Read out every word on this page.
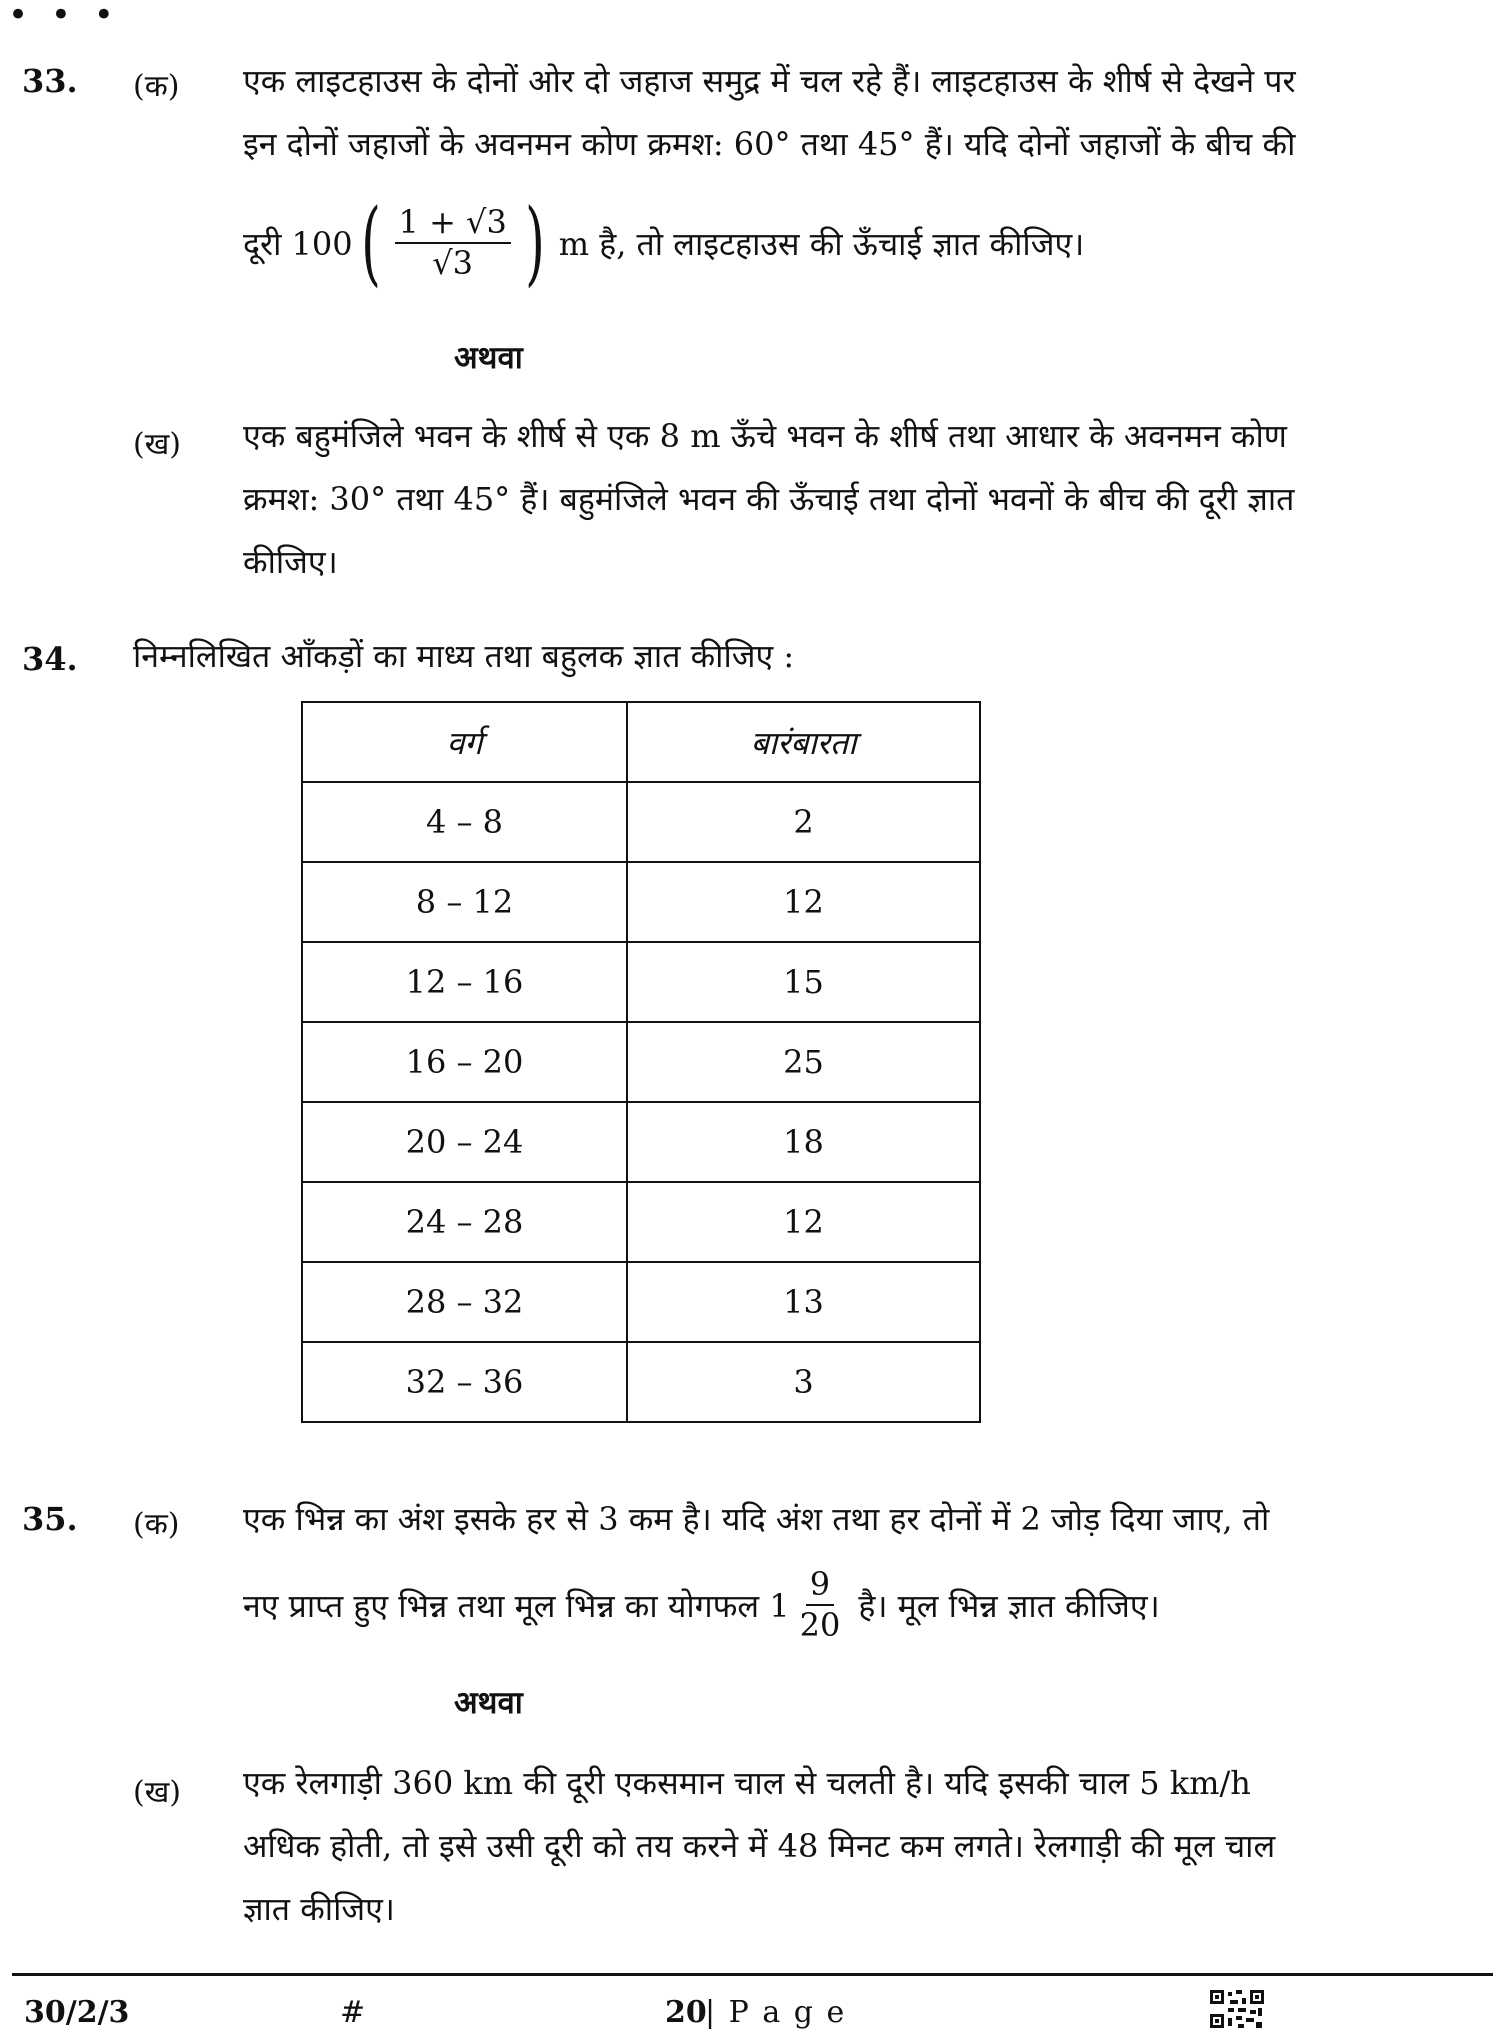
• • •
33. (क) एक लाइटहाउस के दोनों ओर दो जहाज समुद्र में चल रहे हैं। लाइटहाउस के शीर्ष से देखने पर
इन दोनों जहाजों के अवनमन कोण क्रमश: 60° तथा 45° हैं। यदि दोनों जहाजों के बीच की
दूरी 100 ( $\frac{1 + √3}{√3}$ ) m है, तो लाइटहाउस की ऊँचाई ज्ञात कीजिए।
अथवा
(ख) एक बहुमंजिले भवन के शीर्ष से एक 8 m ऊँचे भवन के शीर्ष तथा आधार के अवनमन कोण
क्रमश: 30° तथा 45° हैं। बहुमंजिले भवन की ऊँचाई तथा दोनों भवनों के बीच की दूरी ज्ञात
कीजिए।
34. निम्नलिखित आँकड़ों का माध्य तथा बहुलक ज्ञात कीजिए :
वर्ग	बारंबारता
4 – 8	2
8 – 12	12
12 – 16	15
16 – 20	25
20 – 24	18
24 – 28	12
28 – 32	13
32 – 36	3
35. (क) एक भिन्न का अंश इसके हर से 3 कम है। यदि अंश तथा हर दोनों में 2 जोड़ दिया जाए, तो
नए प्राप्त हुए भिन्न तथा मूल भिन्न का योगफल $1 \frac{9}{20}$ है। मूल भिन्न ज्ञात कीजिए।
अथवा
(ख) एक रेलगाड़ी 360 km की दूरी एकसमान चाल से चलती है। यदि इसकी चाल 5 km/h
अधिक होती, तो इसे उसी दूरी को तय करने में 48 मिनट कम लगते। रेलगाड़ी की मूल चाल
ज्ञात कीजिए।
30/2/3	#	20
| P a g e
